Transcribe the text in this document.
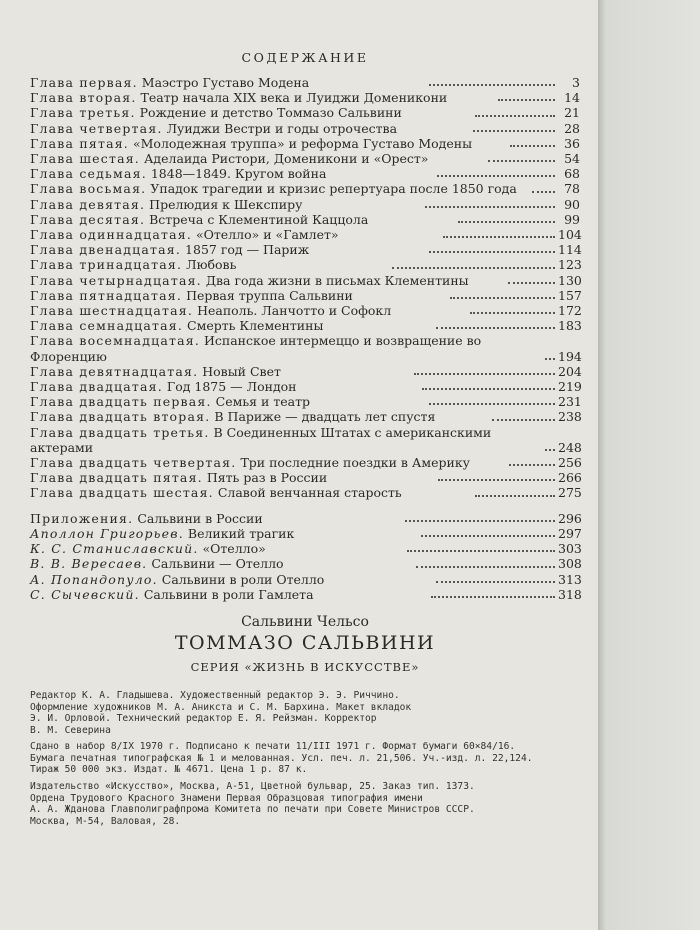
СОДЕРЖАНИЕ
Глава первая. Маэстро Густаво Модена	3
Глава вторая. Театр начала XIX века и Луиджи Доменикони	14
Глава третья. Рождение и детство Томмазо Сальвини	21
Глава четвертая. Луиджи Вестри и годы отрочества	28
Глава пятая. «Молодежная труппа» и реформа Густаво Модены	36
Глава шестая. Аделаида Ристори, Доменикони и «Орест»	54
Глава седьмая. 1848—1849. Кругом война	68
Глава восьмая. Упадок трагедии и кризис репертуара после 1850 года	78
Глава девятая. Прелюдия к Шекспиру	90
Глава десятая. Встреча с Клементиной Каццола	99
Глава одиннадцатая. «Отелло» и «Гамлет»	104
Глава двенадцатая. 1857 год — Париж	114
Глава тринадцатая. Любовь	123
Глава четырнадцатая. Два года жизни в письмах Клементины	130
Глава пятнадцатая. Первая труппа Сальвини	157
Глава шестнадцатая. Неаполь. Ланчотто и Софокл	172
Глава семнадцатая. Смерть Клементины	183
Глава восемнадцатая. Испанское интермеццо и возвращение во Флоренцию	194
Глава девятнадцатая. Новый Свет	204
Глава двадцатая. Год 1875 — Лондон	219
Глава двадцать первая. Семья и театр	231
Глава двадцать вторая. В Париже — двадцать лет спустя	238
Глава двадцать третья. В Соединенных Штатах с американскими актерами	248
Глава двадцать четвертая. Три последние поездки в Америку	256
Глава двадцать пятая. Пять раз в России	266
Глава двадцать шестая. Славой венчанная старость	275
Приложения. Сальвини в России	296
Аполлон Григорьев. Великий трагик	297
К. С. Станиславский. «Отелло»	303
В. В. Вересаев. Сальвини — Отелло	308
А. Попандопуло. Сальвини в роли Отелло	313
С. Сычевский. Сальвини в роли Гамлета	318
Сальвини Чельсо
ТОММАЗО САЛЬВИНИ
СЕРИЯ «ЖИЗНЬ В ИСКУССТВЕ»

Редактор К. А. Гладышева. Художественный редактор Э. Э. Риччино.
Оформление художников М. А. Аникста и С. М. Бархина. Макет вкладок
Э. И. Орловой. Технический редактор Е. Я. Рейзман. Корректор
В. М. Северина

Сдано в набор 8/IX 1970 г. Подписано к печати 11/III 1971 г. Формат бумаги 60×84/16.
Бумага печатная типографская № 1 и мелованная. Усл. печ. л. 21,506. Уч.-изд. л. 22,124.
Тираж 50 000 экз. Издат. № 4671. Цена 1 р. 87 к.

Издательство «Искусство», Москва, А-51, Цветной бульвар, 25. Заказ тип. 1373.
Ордена Трудового Красного Знамени Первая Образцовая типография имени
А. А. Жданова Главполиграфпрома Комитета по печати при Совете Министров СССР.
Москва, М-54, Валовая, 28.
